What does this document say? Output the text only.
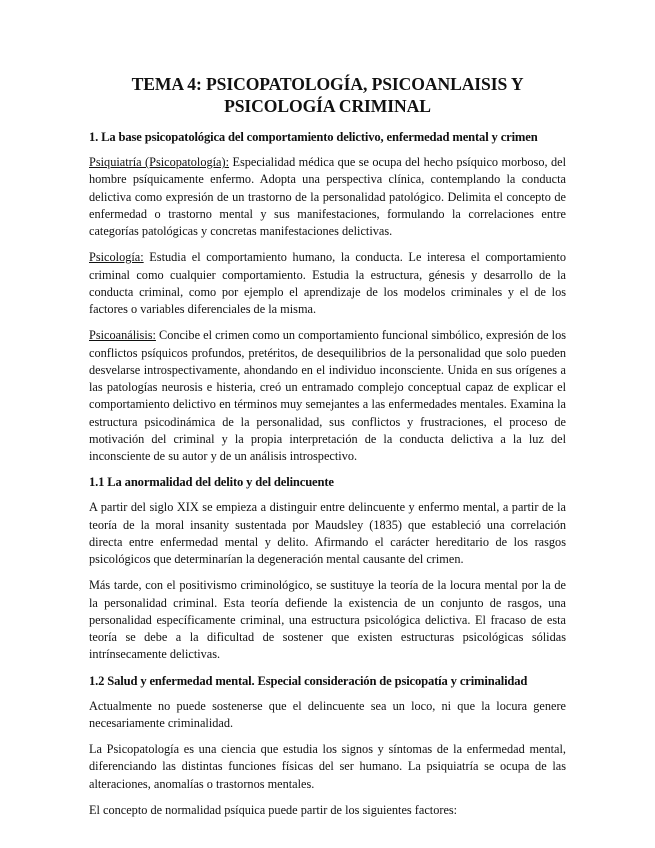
TEMA 4: PSICOPATOLOGÍA, PSICOANLAISIS Y
PSICOLOGÍA CRIMINAL
1. La base psicopatológica del comportamiento delictivo, enfermedad mental y crimen

Psiquiatría (Psicopatología): Especialidad médica que se ocupa del hecho psíquico morboso, del hombre psíquicamente enfermo. Adopta una perspectiva clínica, contemplando la conducta delictiva como expresión de un trastorno de la personalidad patológico. Delimita el concepto de enfermedad o trastorno mental y sus manifestaciones, formulando la correlaciones entre categorías patológicas y concretas manifestaciones delictivas.

Psicología: Estudia el comportamiento humano, la conducta. Le interesa el comportamiento criminal como cualquier comportamiento. Estudia la estructura, génesis y desarrollo de la conducta criminal, como por ejemplo el aprendizaje de los modelos criminales y el de los factores o variables diferenciales de la misma.

Psicoanálisis: Concibe el crimen como un comportamiento funcional simbólico, expresión de los conflictos psíquicos profundos, pretéritos, de desequilibrios de la personalidad que solo pueden desvelarse introspectivamente, ahondando en el individuo inconsciente. Unida en sus orígenes a las patologías neurosis e histeria, creó un entramado complejo conceptual capaz de explicar el comportamiento delictivo en términos muy semejantes a las enfermedades mentales. Examina la estructura psicodinámica de la personalidad, sus conflictos y frustraciones, el proceso de motivación del criminal y la propia interpretación de la conducta delictiva a la luz del inconsciente de su autor y de un análisis introspectivo.

1.1 La anormalidad del delito y del delincuente

A partir del siglo XIX se empieza a distinguir entre delincuente y enfermo mental, a partir de la teoría de la moral insanity sustentada por Maudsley (1835) que estableció una correlación directa entre enfermedad mental y delito. Afirmando el carácter hereditario de los rasgos psicológicos que determinarían la degeneración mental causante del crimen.

Más tarde, con el positivismo criminológico, se sustituye la teoría de la locura mental por la de la personalidad criminal. Esta teoría defiende la existencia de un conjunto de rasgos, una personalidad específicamente criminal, una estructura psicológica delictiva. El fracaso de esta teoría se debe a la dificultad de sostener que existen estructuras psicológicas sólidas intrínsecamente delictivas.

1.2 Salud y enfermedad mental. Especial consideración de psicopatía y criminalidad

Actualmente no puede sostenerse que el delincuente sea un loco, ni que la locura genere necesariamente criminalidad.

La Psicopatología es una ciencia que estudia los signos y síntomas de la enfermedad mental, diferenciando las distintas funciones físicas del ser humano. La psiquiatría se ocupa de las alteraciones, anomalías o trastornos mentales.

El concepto de normalidad psíquica puede partir de los siguientes factores:
